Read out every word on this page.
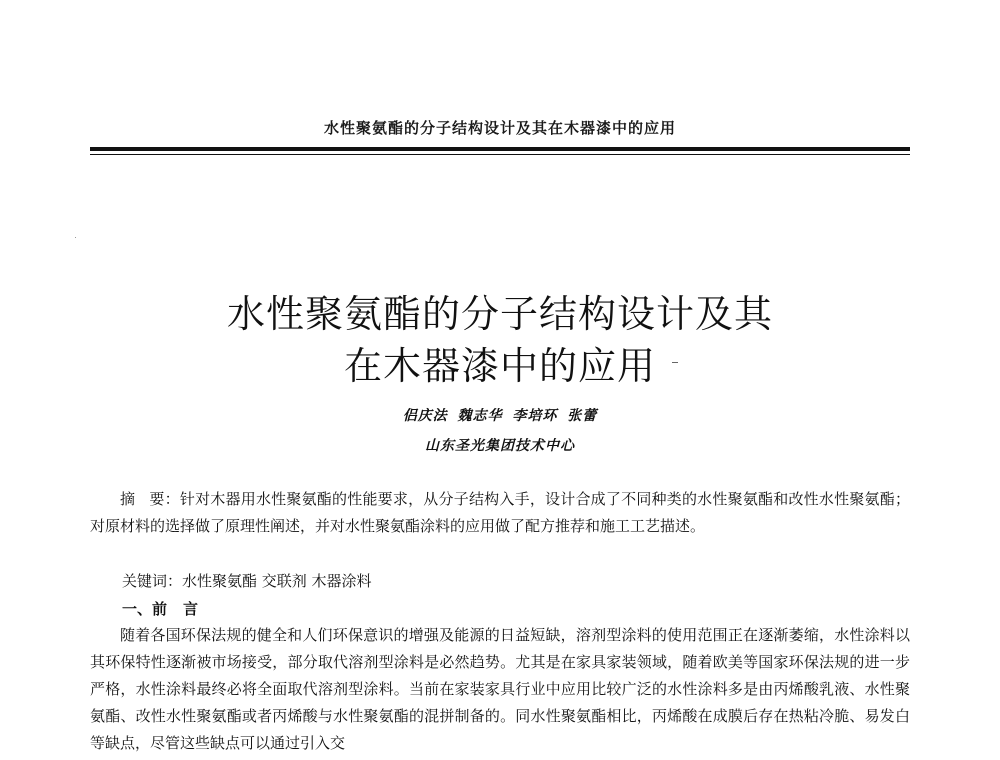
水性聚氨酯的分子结构设计及其在木器漆中的应用
水性聚氨酯的分子结构设计及其
在木器漆中的应用
侣庆法 魏志华 李培环 张蕾
山东圣光集团技术中心
摘 要：针对木器用水性聚氨酯的性能要求，从分子结构入手，设计合成了不同种类的水性聚氨酯和改性水性聚氨酯；对原材料的选择做了原理性阐述，并对水性聚氨酯涂料的应用做了配方推荐和施工工艺描述。
关键词：水性聚氨酯 交联剂 木器涂料
一、前 言
随着各国环保法规的健全和人们环保意识的增强及能源的日益短缺，溶剂型涂料的使用范围正在逐渐萎缩，水性涂料以其环保特性逐渐被市场接受，部分取代溶剂型涂料是必然趋势。尤其是在家具家装领域，随着欧美等国家环保法规的进一步严格，水性涂料最终必将全面取代溶剂型涂料。当前在家装家具行业中应用比较广泛的水性涂料多是由丙烯酸乳液、水性聚氨酯、改性水性聚氨酯或者丙烯酸与水性聚氨酯的混拼制备的。同水性聚氨酯相比，丙烯酸在成膜后存在热粘冷脆、易发白等缺点，尽管这些缺点可以通过引入交
